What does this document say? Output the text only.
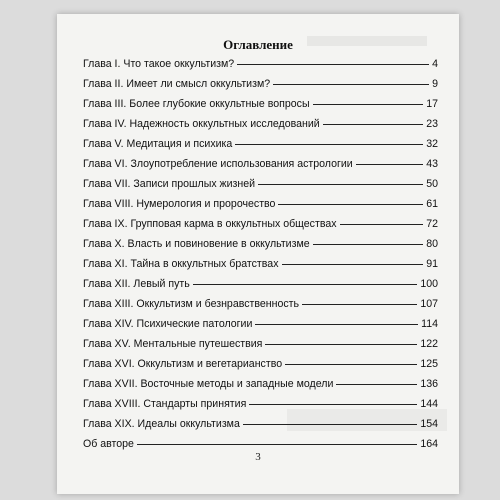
Оглавление
Глава I. Что такое оккультизм?	4
Глава II. Имеет ли смысл оккультизм?	9
Глава III. Более глубокие оккультные вопросы	17
Глава IV. Надежность оккультных исследований	23
Глава V. Медитация и психика	32
Глава VI. Злоупотребление использования астрологии	43
Глава VII. Записи прошлых жизней	50
Глава VIII. Нумерология и пророчество	61
Глава IX. Групповая карма в оккультных обществах	72
Глава X. Власть и повиновение в оккультизме	80
Глава XI. Тайна в оккультных братствах	91
Глава XII. Левый путь	100
Глава XIII. Оккультизм и безнравственность	107
Глава XIV. Психические патологии	114
Глава XV. Ментальные путешествия	122
Глава XVI. Оккультизм и вегетарианство	125
Глава XVII. Восточные методы и западные модели	136
Глава XVIII. Стандарты принятия	144
Глава XIX. Идеалы оккультизма	154
Об авторе	164
3
